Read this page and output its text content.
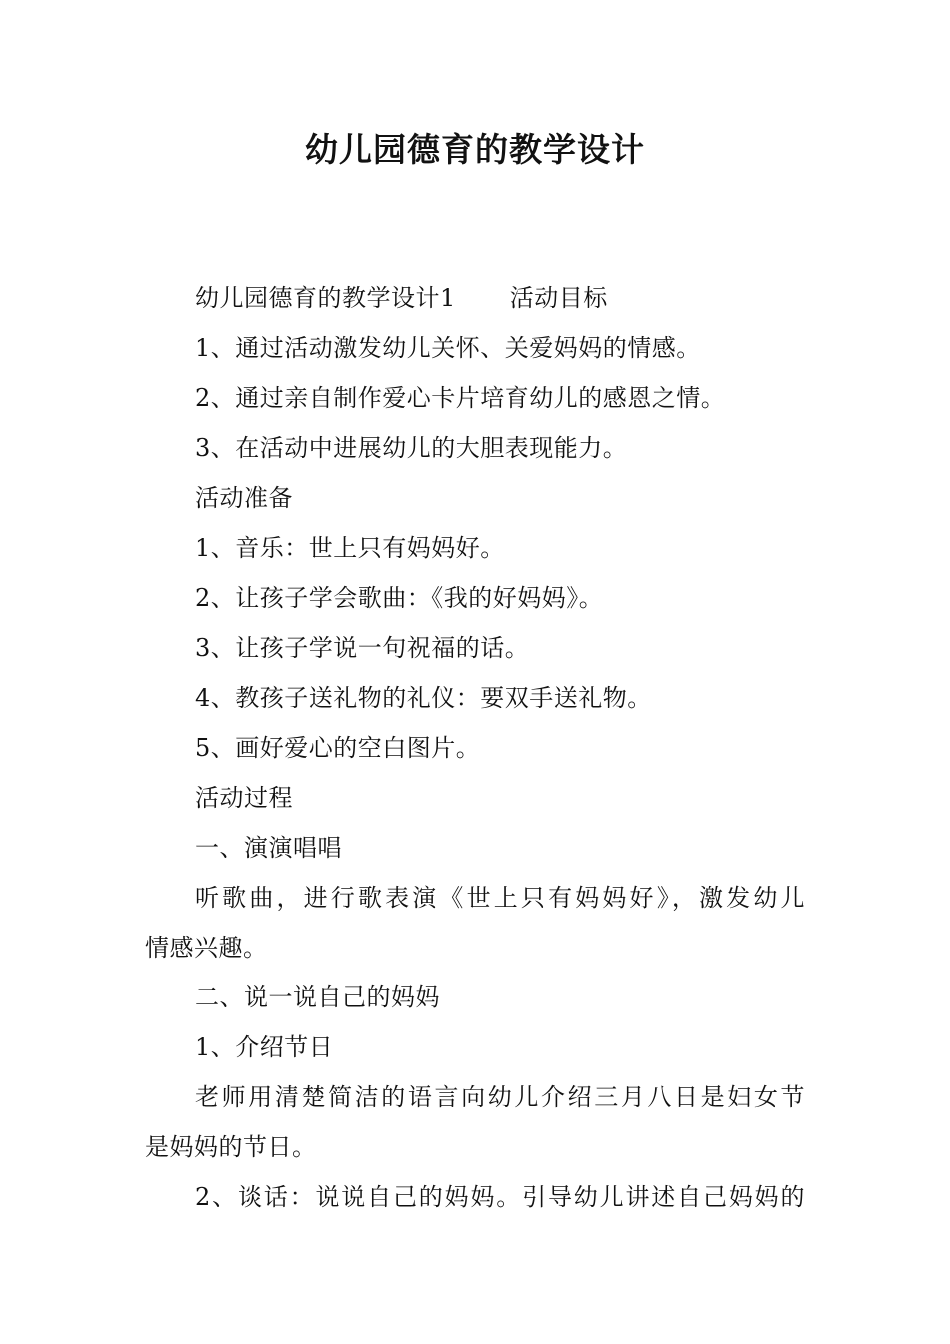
幼儿园德育的教学设计
幼儿园德育的教学设计1 活动目标
1、通过活动激发幼儿关怀、关爱妈妈的情感。
2、通过亲自制作爱心卡片培育幼儿的感恩之情。
3、在活动中进展幼儿的大胆表现能力。
活动准备
1、音乐：世上只有妈妈好。
2、让孩子学会歌曲：《我的好妈妈》。
3、让孩子学说一句祝福的话。
4、教孩子送礼物的礼仪：要双手送礼物。
5、画好爱心的空白图片。
活动过程
一、演演唱唱
听歌曲，进行歌表演《世上只有妈妈好》，激发幼儿
情感兴趣。
二、说一说自己的妈妈
1、介绍节日
老师用清楚简洁的语言向幼儿介绍三月八日是妇女节
是妈妈的节日。
2、谈话：说说自己的妈妈。引导幼儿讲述自己妈妈的
